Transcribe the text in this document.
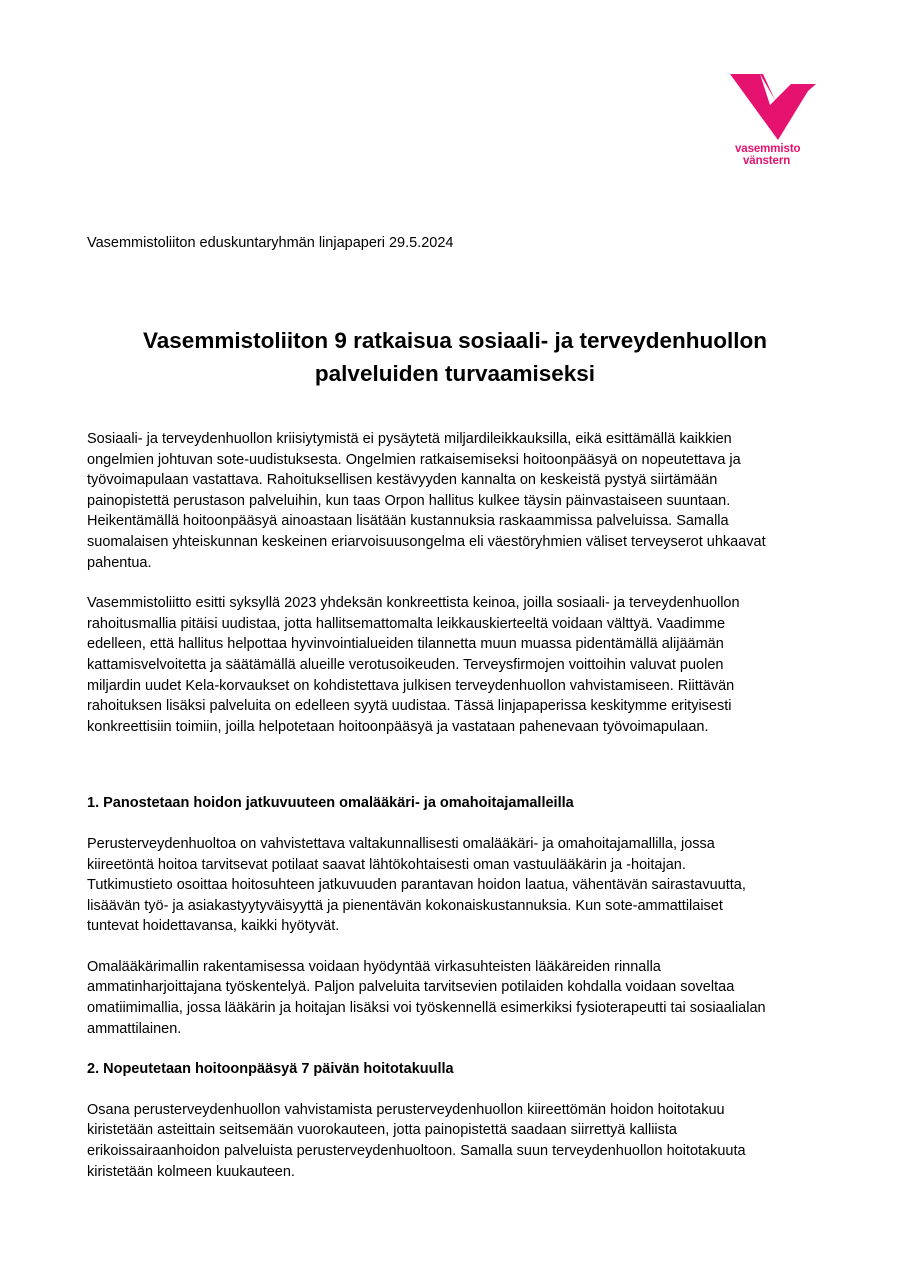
vasemmisto
vänstern
Vasemmistoliiton eduskuntaryhmän linjapaperi 29.5.2024
Vasemmistoliiton 9 ratkaisua sosiaali- ja terveydenhuollon
palveluiden turvaamiseksi

Sosiaali- ja terveydenhuollon kriisiytymistä ei pysäytetä miljardileikkauksilla, eikä esittämällä kaikkien
ongelmien johtuvan sote-uudistuksesta. Ongelmien ratkaisemiseksi hoitoonpääsyä on nopeutettava ja
työvoimapulaan vastattava. Rahoituksellisen kestävyyden kannalta on keskeistä pystyä siirtämään
painopistettä perustason palveluihin, kun taas Orpon hallitus kulkee täysin päinvastaiseen suuntaan.
Heikentämällä hoitoonpääsyä ainoastaan lisätään kustannuksia raskaammissa palveluissa. Samalla
suomalaisen yhteiskunnan keskeinen eriarvoisuusongelma eli väestöryhmien väliset terveyserot uhkaavat
pahentua.

Vasemmistoliitto esitti syksyllä 2023 yhdeksän konkreettista keinoa, joilla sosiaali- ja terveydenhuollon
rahoitusmallia pitäisi uudistaa, jotta hallitsemattomalta leikkauskierteeltä voidaan välttyä. Vaadimme
edelleen, että hallitus helpottaa hyvinvointialueiden tilannetta muun muassa pidentämällä alijäämän
kattamisvelvoitetta ja säätämällä alueille verotusoikeuden. Terveysfirmojen voittoihin valuvat puolen
miljardin uudet Kela-korvaukset on kohdistettava julkisen terveydenhuollon vahvistamiseen. Riittävän
rahoituksen lisäksi palveluita on edelleen syytä uudistaa. Tässä linjapaperissa keskitymme erityisesti
konkreettisiin toimiin, joilla helpotetaan hoitoonpääsyä ja vastataan pahenevaan työvoimapulaan.

1. Panostetaan hoidon jatkuvuuteen omalääkäri- ja omahoitajamalleilla

Perusterveydenhuoltoa on vahvistettava valtakunnallisesti omalääkäri- ja omahoitajamallilla, jossa
kiireetöntä hoitoa tarvitsevat potilaat saavat lähtökohtaisesti oman vastuulääkärin ja -hoitajan.
Tutkimustieto osoittaa hoitosuhteen jatkuvuuden parantavan hoidon laatua, vähentävän sairastavuutta,
lisäävän työ- ja asiakastyytyväisyyttä ja pienentävän kokonaiskustannuksia. Kun sote-ammattilaiset
tuntevat hoidettavansa, kaikki hyötyvät.

Omalääkärimallin rakentamisessa voidaan hyödyntää virkasuhteisten lääkäreiden rinnalla
ammatinharjoittajana työskentelyä. Paljon palveluita tarvitsevien potilaiden kohdalla voidaan soveltaa
omatiimimallia, jossa lääkärin ja hoitajan lisäksi voi työskennellä esimerkiksi fysioterapeutti tai sosiaalialan
ammattilainen.

2. Nopeutetaan hoitoonpääsyä 7 päivän hoitotakuulla

Osana perusterveydenhuollon vahvistamista perusterveydenhuollon kiireettömän hoidon hoitotakuu
kiristetään asteittain seitsemään vuorokauteen, jotta painopistettä saadaan siirrettyä kalliista
erikoissairaanhoidon palveluista perusterveydenhuoltoon. Samalla suun terveydenhuollon hoitotakuuta
kiristetään kolmeen kuukauteen.
